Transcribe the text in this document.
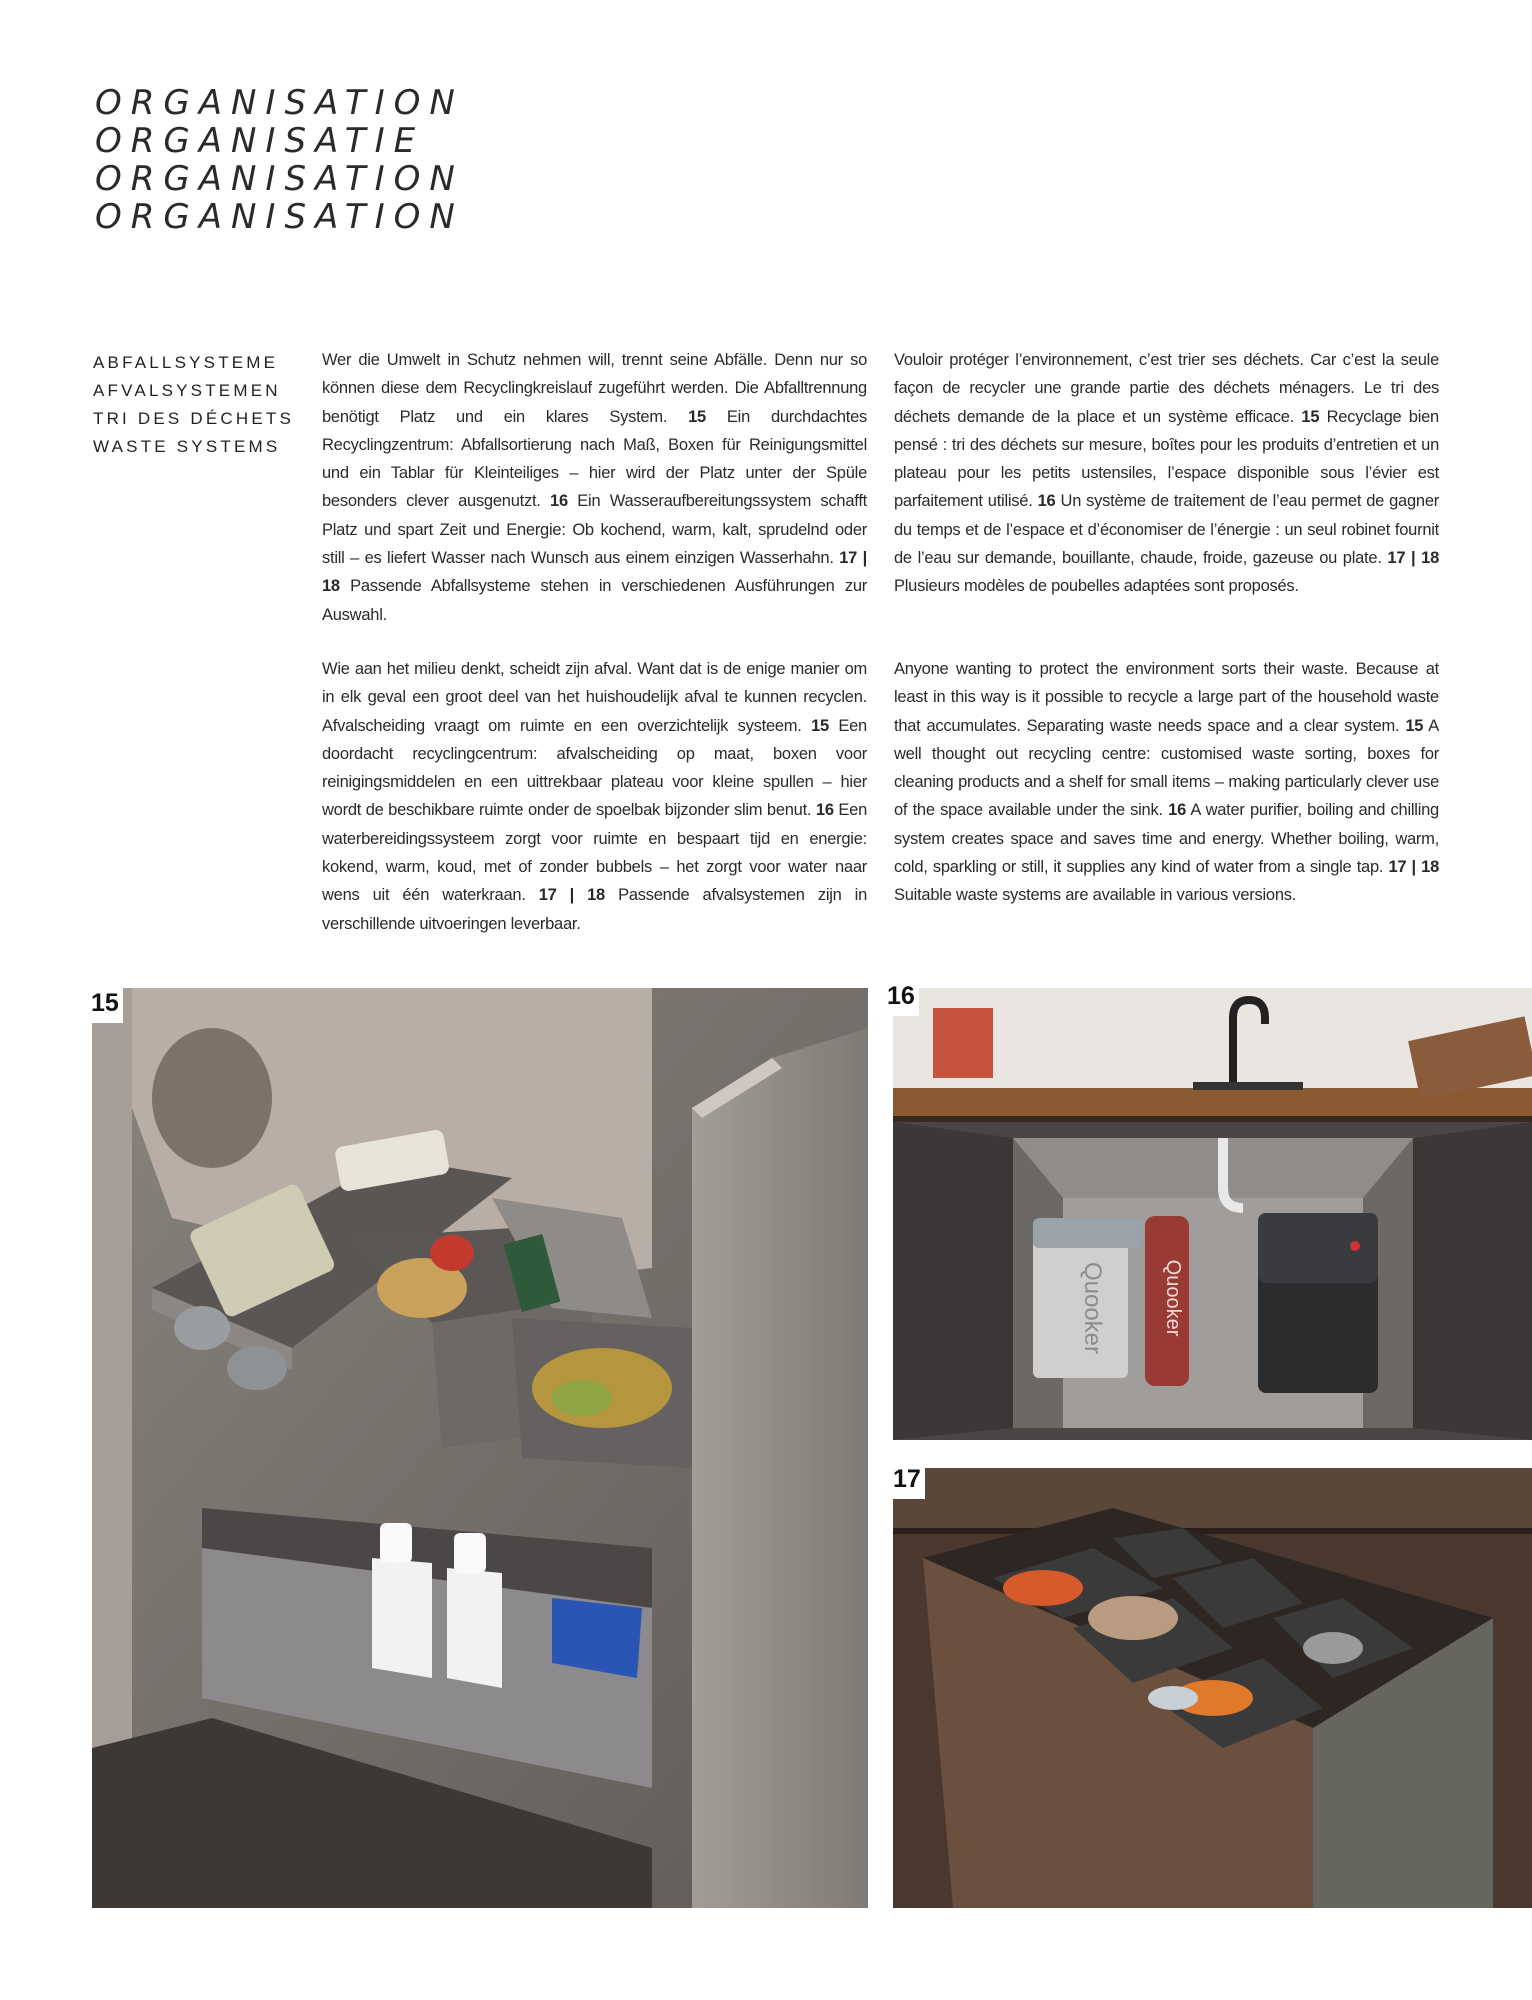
ORGANISATION
ORGANISATIE
ORGANISATION
ORGANISATION
ABFALLSYSTEME
AFVALSYSTEMEN
TRI DES DÉCHETS
WASTE SYSTEMS
Wer die Umwelt in Schutz nehmen will, trennt seine Abfälle. Denn nur so können diese dem Recyclingkreislauf zugeführt werden. Die Abfalltrennung benötigt Platz und ein klares System. 15 Ein durchdachtes Recyclingzentrum: Abfallsortierung nach Maß, Boxen für Reinigungsmittel und ein Tablar für Kleinteiliges – hier wird der Platz unter der Spüle besonders clever ausgenutzt. 16 Ein Wasseraufbereitungssystem schafft Platz und spart Zeit und Energie: Ob kochend, warm, kalt, sprudelnd oder still – es liefert Wasser nach Wunsch aus einem einzigen Wasserhahn. 17 | 18 Passende Abfallsysteme stehen in verschiedenen Ausführungen zur Auswahl.
Wie aan het milieu denkt, scheidt zijn afval. Want dat is de enige manier om in elk geval een groot deel van het huishoudelijk afval te kunnen recyclen. Afvalscheiding vraagt om ruimte en een overzichtelijk systeem. 15 Een doordacht recyclingcentrum: afvalscheiding op maat, boxen voor reinigingsmiddelen en een uittrekbaar plateau voor kleine spullen – hier wordt de beschikbare ruimte onder de spoelbak bijzonder slim benut. 16 Een waterbereidingssysteem zorgt voor ruimte en bespaart tijd en energie: kokend, warm, koud, met of zonder bubbels – het zorgt voor water naar wens uit één waterkraan. 17 | 18 Passende afvalsystemen zijn in verschillende uitvoeringen leverbaar.
Vouloir protéger l’environnement, c’est trier ses déchets. Car c’est la seule façon de recycler une grande partie des déchets ménagers. Le tri des déchets demande de la place et un système efficace. 15 Recyclage bien pensé : tri des déchets sur mesure, boîtes pour les produits d’entretien et un plateau pour les petits ustensiles, l’espace disponible sous l’évier est parfaitement utilisé. 16 Un système de traitement de l’eau permet de gagner du temps et de l’espace et d’économiser de l’énergie : un seul robinet fournit de l’eau sur demande, bouillante, chaude, froide, gazeuse ou plate. 17 | 18 Plusieurs modèles de poubelles adaptées sont proposés.
Anyone wanting to protect the environment sorts their waste. Because at least in this way is it possible to recycle a large part of the household waste that accumulates. Separating waste needs space and a clear system. 15 A well thought out recycling centre: customised waste sorting, boxes for cleaning products and a shelf for small items – making particularly clever use of the space available under the sink. 16 A water purifier, boiling and chilling system creates space and saves time and energy. Whether boiling, warm, cold, sparkling or still, it supplies any kind of water from a single tap. 17 | 18 Suitable waste systems are available in various versions.
15
Quooker	Quooker
16
17
